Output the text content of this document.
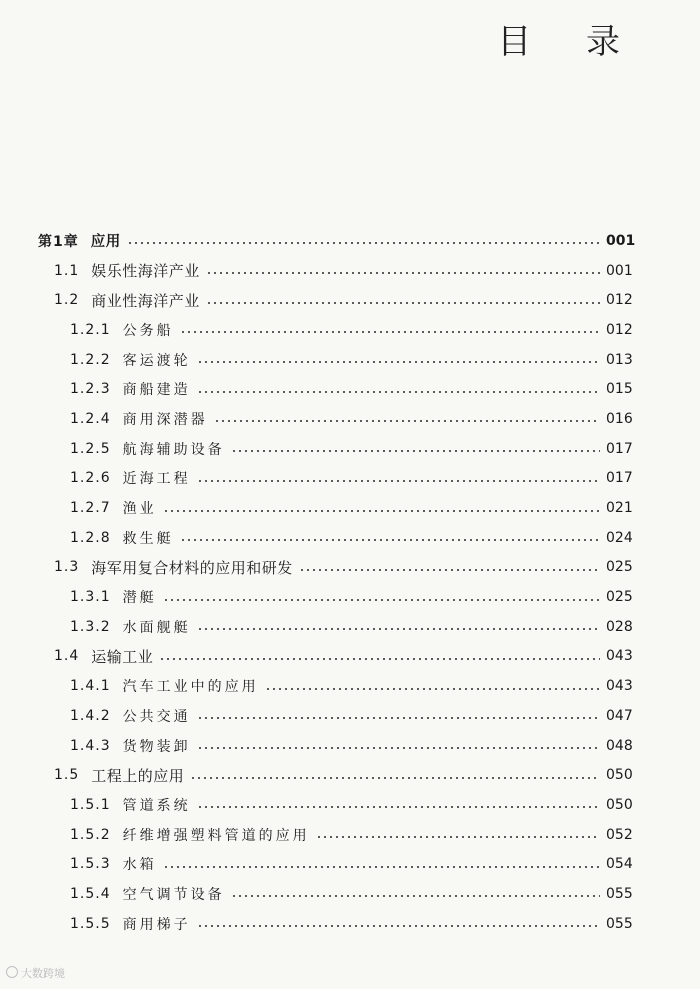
目 录
第1章 应用	001
1.1 娱乐性海洋产业	001
1.2 商业性海洋产业	012
1.2.1 公务船	012
1.2.2 客运渡轮	013
1.2.3 商船建造	015
1.2.4 商用深潜器	016
1.2.5 航海辅助设备	017
1.2.6 近海工程	017
1.2.7 渔业	021
1.2.8 救生艇	024
1.3 海军用复合材料的应用和研发	025
1.3.1 潜艇	025
1.3.2 水面舰艇	028
1.4 运输工业	043
1.4.1 汽车工业中的应用	043
1.4.2 公共交通	047
1.4.3 货物装卸	048
1.5 工程上的应用	050
1.5.1 管道系统	050
1.5.2 纤维增强塑料管道的应用	052
1.5.3 水箱	054
1.5.4 空气调节设备	055
1.5.5 商用梯子	055
大数跨境
